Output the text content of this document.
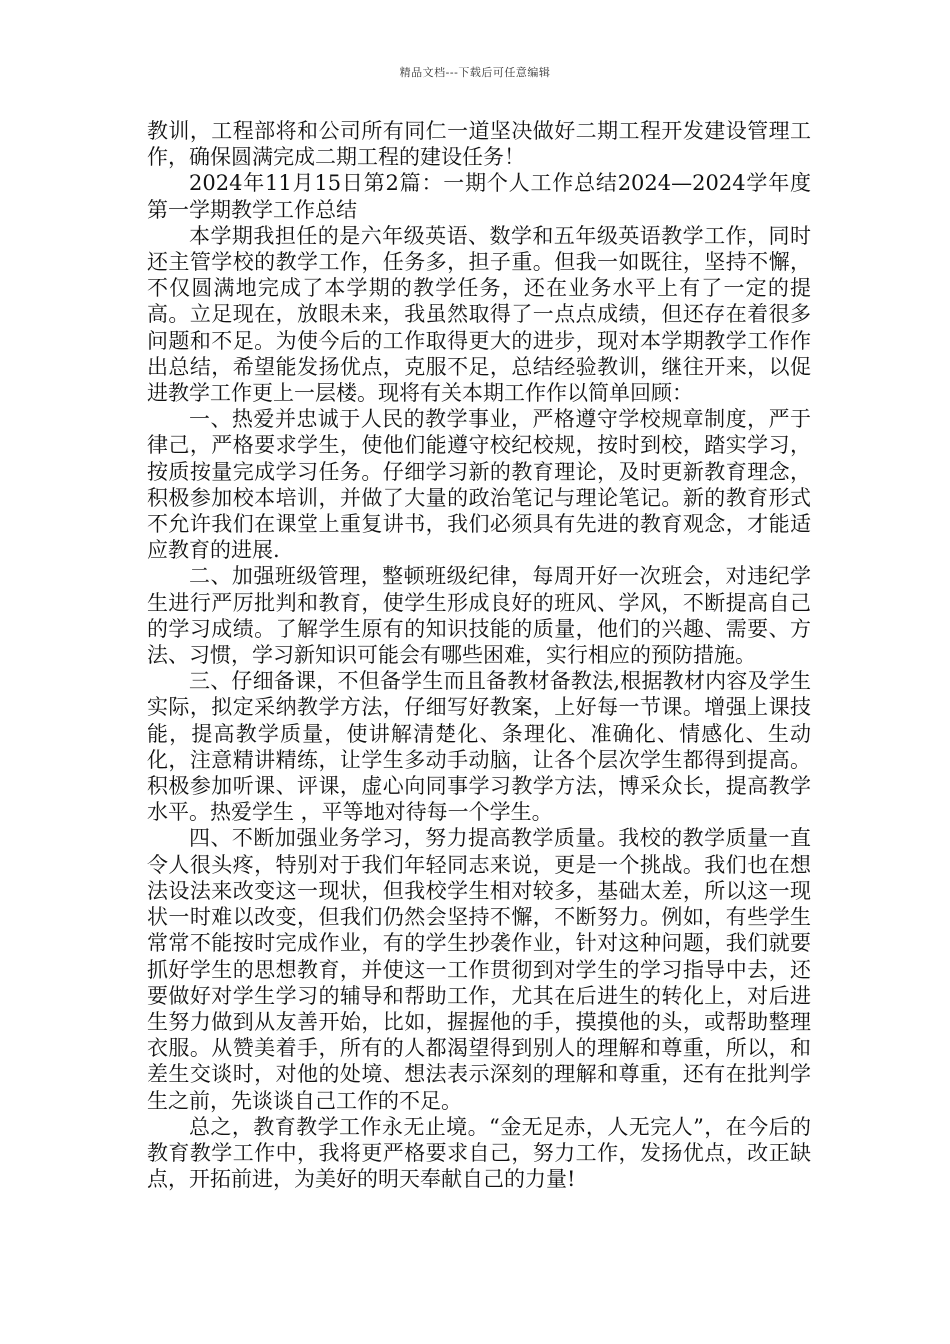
精品文档---下载后可任意编辑

教训，工程部将和公司所有同仁一道坚决做好二期工程开发建设管理工作，确保圆满完成二期工程的建设任务！

2024年11月15日第2篇：一期个人工作总结2024—2024学年度第一学期教学工作总结

本学期我担任的是六年级英语、数学和五年级英语教学工作，同时还主管学校的教学工作，任务多，担子重。但我一如既往，坚持不懈，不仅圆满地完成了本学期的教学任务，还在业务水平上有了一定的提高。立足现在，放眼未来，我虽然取得了一点点成绩，但还存在着很多问题和不足。为使今后的工作取得更大的进步，现对本学期教学工作作出总结，希望能发扬优点，克服不足，总结经验教训，继往开来，以促进教学工作更上一层楼。现将有关本期工作作以简单回顾：

一、热爱并忠诚于人民的教学事业，严格遵守学校规章制度，严于律己，严格要求学生，使他们能遵守校纪校规，按时到校，踏实学习，按质按量完成学习任务。仔细学习新的教育理论，及时更新教育理念，积极参加校本培训，并做了大量的政治笔记与理论笔记。新的教育形式不允许我们在课堂上重复讲书，我们必须具有先进的教育观念，才能适应教育的进展.

二、加强班级管理，整顿班级纪律，每周开好一次班会，对违纪学生进行严厉批判和教育，使学生形成良好的班风、学风，不断提高自己的学习成绩。了解学生原有的知识技能的质量，他们的兴趣、需要、方法、习惯，学习新知识可能会有哪些困难，实行相应的预防措施。

三、仔细备课，不但备学生而且备教材备教法,根据教材内容及学生实际，拟定采纳教学方法，仔细写好教案，上好每一节课。增强上课技能，提高教学质量，使讲解清楚化、条理化、准确化、情感化、生动化，注意精讲精练，让学生多动手动脑，让各个层次学生都得到提高。积极参加听课、评课，虚心向同事学习教学方法，博采众长，提高教学水平。热爱学生 ，平等地对待每一个学生。

四、不断加强业务学习，努力提高教学质量。我校的教学质量一直令人很头疼，特别对于我们年轻同志来说，更是一个挑战。我们也在想法设法来改变这一现状，但我校学生相对较多，基础太差，所以这一现状一时难以改变，但我们仍然会坚持不懈，不断努力。例如，有些学生常常不能按时完成作业，有的学生抄袭作业，针对这种问题，我们就要抓好学生的思想教育，并使这一工作贯彻到对学生的学习指导中去，还要做好对学生学习的辅导和帮助工作，尤其在后进生的转化上，对后进生努力做到从友善开始，比如，握握他的手，摸摸他的头，或帮助整理衣服。从赞美着手，所有的人都渴望得到别人的理解和尊重，所以，和差生交谈时，对他的处境、想法表示深刻的理解和尊重，还有在批判学生之前，先谈谈自己工作的不足。

总之，教育教学工作永无止境。“金无足赤，人无完人”，在今后的教育教学工作中，我将更严格要求自己，努力工作，发扬优点，改正缺点，开拓前进，为美好的明天奉献自己的力量!
